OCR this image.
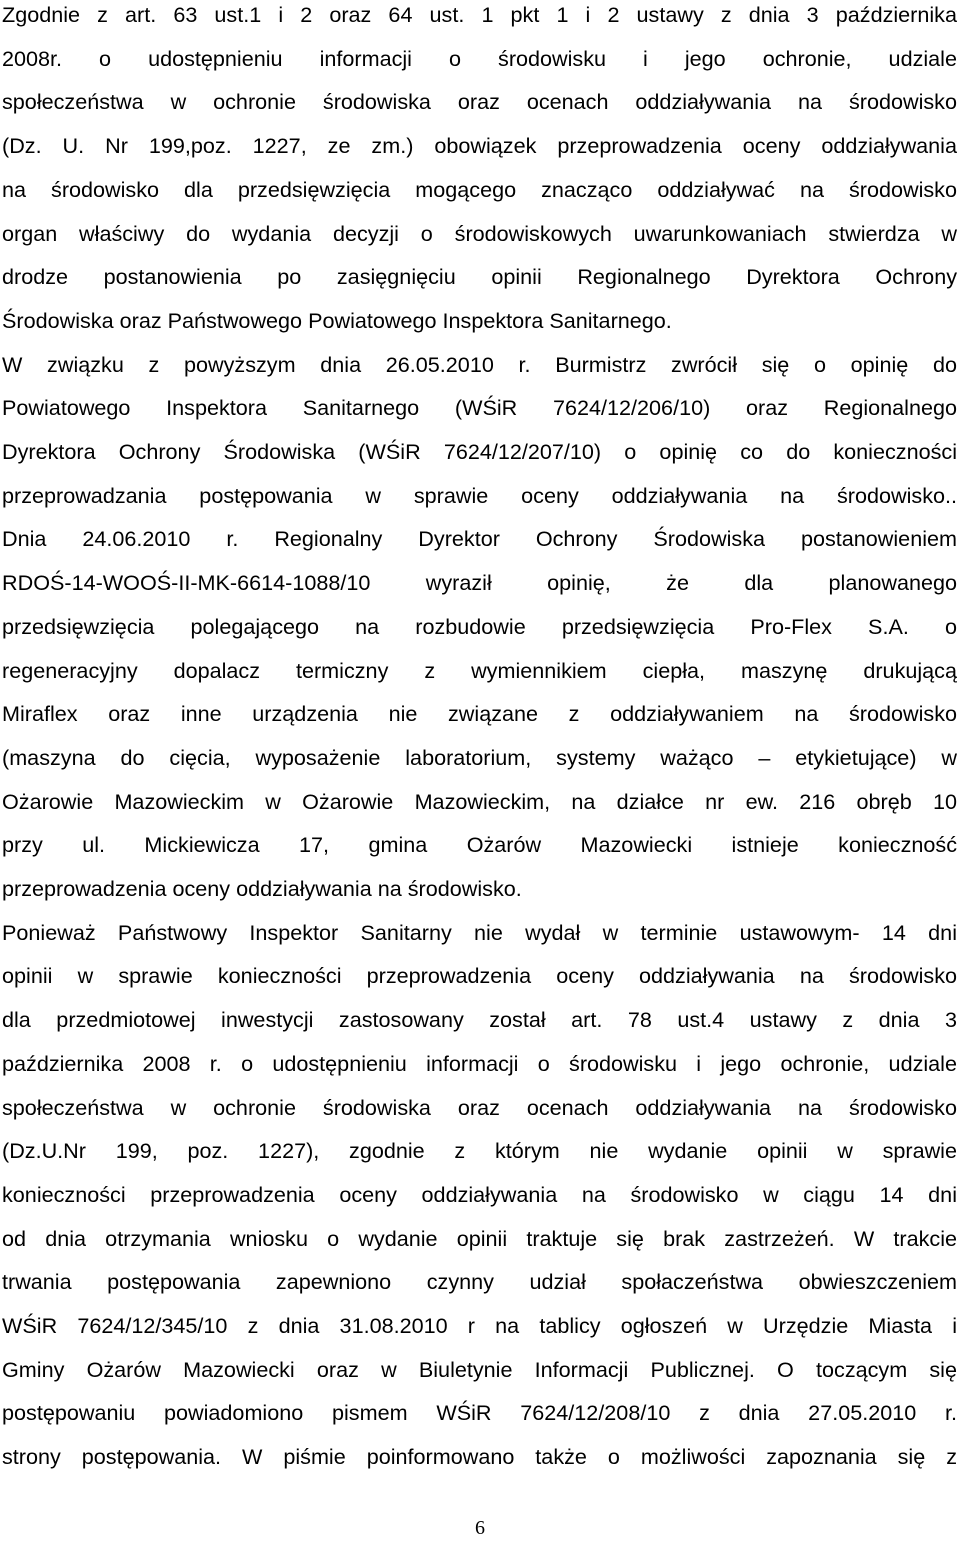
Zgodnie z art. 63 ust.1 i 2 oraz 64 ust. 1 pkt 1 i 2 ustawy z dnia 3 października
2008r. o udostępnieniu informacji o środowisku i jego ochronie, udziale
społeczeństwa w ochronie środowiska oraz ocenach oddziaływania na środowisko
(Dz. U. Nr 199,poz. 1227, ze zm.) obowiązek przeprowadzenia oceny oddziaływania
na środowisko dla przedsięwzięcia mogącego znacząco oddziaływać na środowisko
organ właściwy do wydania decyzji o środowiskowych uwarunkowaniach stwierdza w
drodze postanowienia po zasięgnięciu opinii Regionalnego Dyrektora Ochrony
Środowiska oraz Państwowego Powiatowego Inspektora Sanitarnego.
W związku z powyższym dnia 26.05.2010 r. Burmistrz zwrócił się o opinię do
Powiatowego Inspektora Sanitarnego (WŚiR 7624/12/206/10) oraz Regionalnego
Dyrektora Ochrony Środowiska (WŚiR 7624/12/207/10) o opinię co do konieczności
przeprowadzania postępowania w sprawie oceny oddziaływania na środowisko..
Dnia 24.06.2010 r. Regionalny Dyrektor Ochrony Środowiska postanowieniem
RDOŚ-14-WOOŚ-II-MK-6614-1088/10 wyraził opinię, że dla planowanego
przedsięwzięcia polegającego na rozbudowie przedsięwzięcia Pro-Flex S.A. o
regeneracyjny dopalacz termiczny z wymiennikiem ciepła, maszynę drukującą
Miraflex oraz inne urządzenia nie związane z oddziaływaniem na środowisko
(maszyna do cięcia, wyposażenie laboratorium, systemy ważąco – etykietujące) w
Ożarowie Mazowieckim w Ożarowie Mazowieckim, na działce nr ew. 216 obręb 10
przy ul. Mickiewicza 17, gmina Ożarów Mazowiecki istnieje konieczność
przeprowadzenia oceny oddziaływania na środowisko.
Ponieważ Państwowy Inspektor Sanitarny nie wydał w terminie ustawowym- 14 dni
opinii w sprawie konieczności przeprowadzenia oceny oddziaływania na środowisko
dla przedmiotowej inwestycji zastosowany został art. 78 ust.4 ustawy z dnia 3
października 2008 r. o udostępnieniu informacji o środowisku i jego ochronie, udziale
społeczeństwa w ochronie środowiska oraz ocenach oddziaływania na środowisko
(Dz.U.Nr 199, poz. 1227), zgodnie z którym nie wydanie opinii w sprawie
konieczności przeprowadzenia oceny oddziaływania na środowisko w ciągu 14 dni
od dnia otrzymania wniosku o wydanie opinii traktuje się brak zastrzeżeń. W trakcie
trwania postępowania zapewniono czynny udział społaczeństwa obwieszczeniem
WŚiR 7624/12/345/10 z dnia 31.08.2010 r na tablicy ogłoszeń w Urzędzie Miasta i
Gminy Ożarów Mazowiecki oraz w Biuletynie Informacji Publicznej. O toczącym się
postępowaniu powiadomiono pismem WŚiR 7624/12/208/10 z dnia 27.05.2010 r.
strony postępowania. W piśmie poinformowano także o możliwości zapoznania się z
6
